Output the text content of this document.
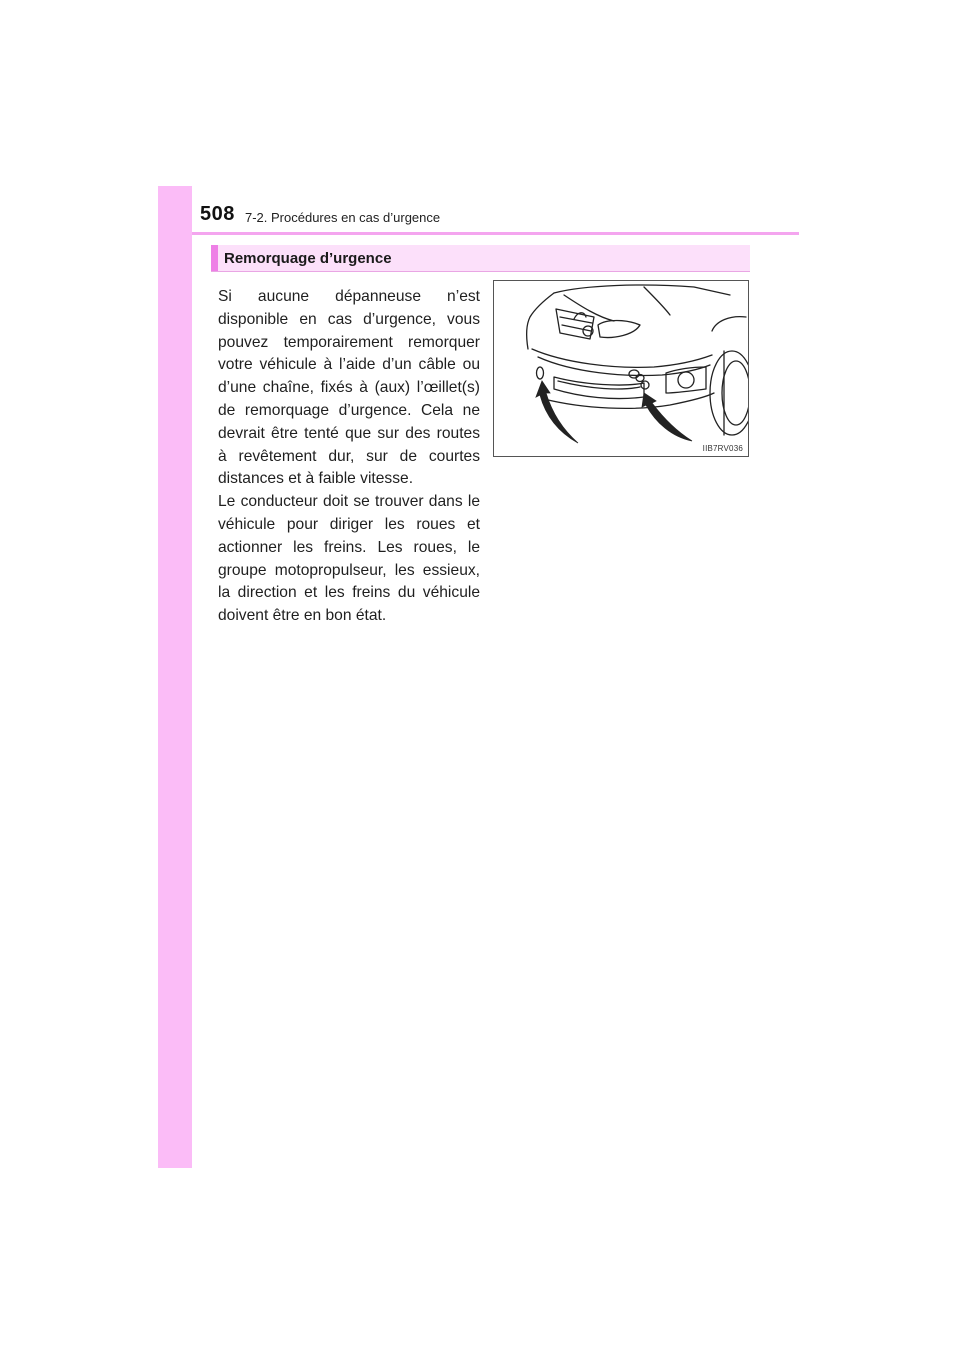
508 7-2. Procédures en cas d’urgence
Remorquage d’urgence

Si aucune dépanneuse n’est disponible en cas d’urgence, vous pouvez temporairement remorquer votre véhicule à l’aide d’un câble ou d’une chaîne, fixés à (aux) l’œillet(s) de remorquage d’urgence. Cela ne devrait être tenté que sur des routes à revêtement dur, sur de courtes distances et à faible vitesse.

Le conducteur doit se trouver dans le véhicule pour diriger les roues et actionner les freins. Les roues, le groupe motopropulseur, les essieux, la direction et les freins du véhicule doivent être en bon état.

IIB7RV036
